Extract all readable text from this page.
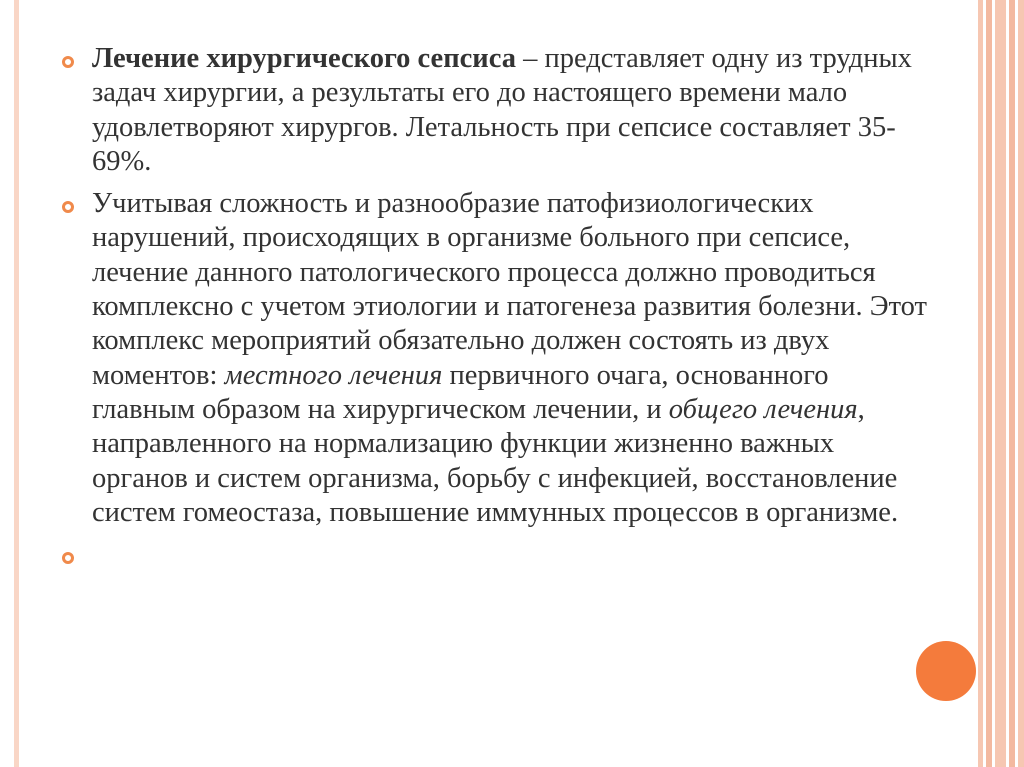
Лечение хирургического сепсиса – представляет одну из трудных задач хирургии, а результаты его до настоящего времени мало удовлетворяют хирургов. Летальность при сепсисе составляет 35-69%.
Учитывая сложность и разнообразие патофизиологических нарушений, происходящих в организме больного при сепсисе, лечение данного патологического процесса должно проводиться комплексно с учетом этиологии и патогенеза развития болезни. Этот комплекс мероприятий обязательно должен состоять из двух моментов: местного лечения первичного очага, основанного главным образом на хирургическом лечении, и общего лечения, направленного на нормализацию функции жизненно важных органов и систем организма, борьбу с инфекцией, восстановление систем гомеостаза, повышение иммунных процессов в организме.
